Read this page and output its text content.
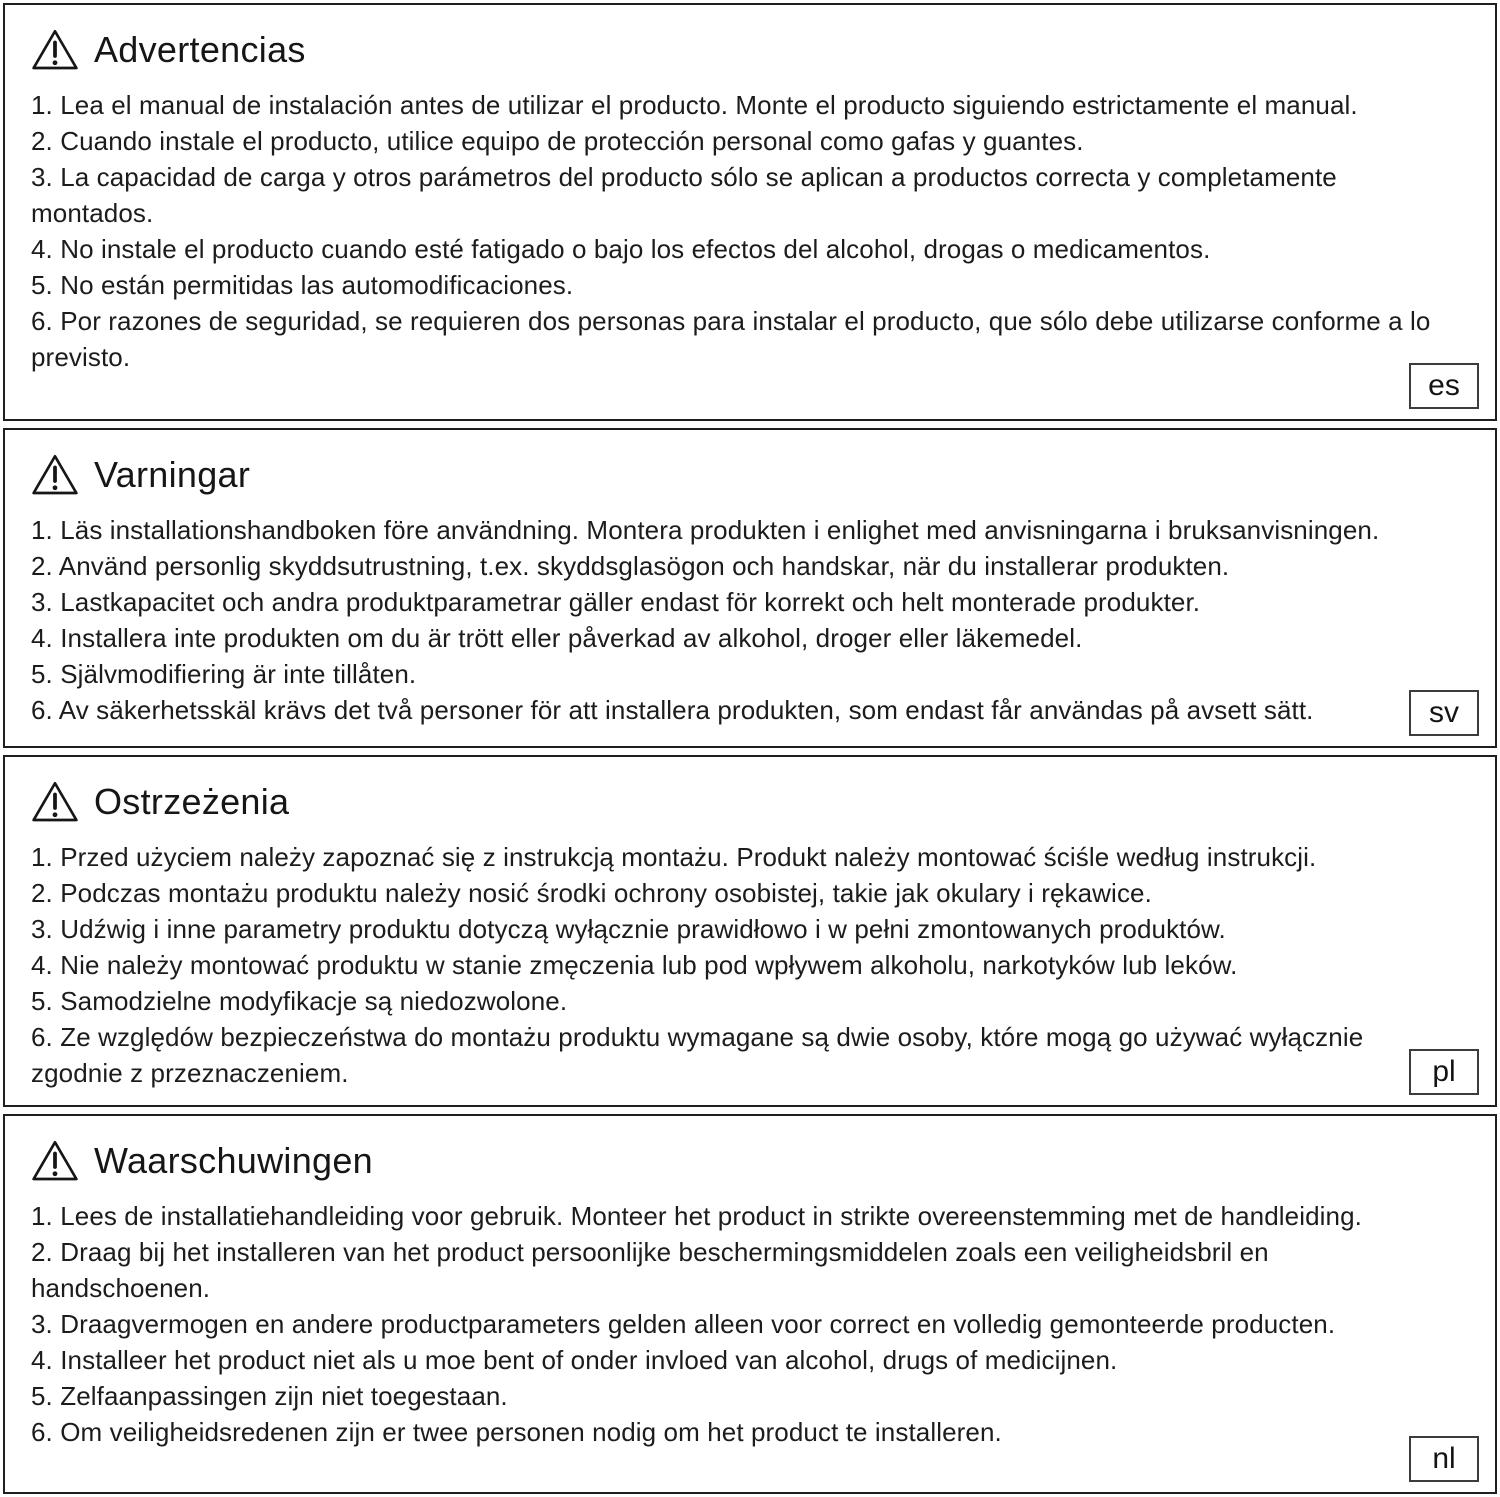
Advertencias

1. Lea el manual de instalación antes de utilizar el producto. Monte el producto siguiendo estrictamente el manual.

2. Cuando instale el producto, utilice equipo de protección personal como gafas y guantes.

3. La capacidad de carga y otros parámetros del producto sólo se aplican a productos correcta y completamente montados.

4. No instale el producto cuando esté fatigado o bajo los efectos del alcohol, drogas o medicamentos.

5. No están permitidas las automodificaciones.

6. Por razones de seguridad, se requieren dos personas para instalar el producto, que sólo debe utilizarse conforme a lo previsto.

es
Varningar

1. Läs installationshandboken före användning. Montera produkten i enlighet med anvisningarna i bruksanvisningen.

2. Använd personlig skyddsutrustning, t.ex. skyddsglasögon och handskar, när du installerar produkten.

3. Lastkapacitet och andra produktparametrar gäller endast för korrekt och helt monterade produkter.

4. Installera inte produkten om du är trött eller påverkad av alkohol, droger eller läkemedel.

5. Självmodifiering är inte tillåten.

6. Av säkerhetsskäl krävs det två personer för att installera produkten, som endast får användas på avsett sätt.	sv
Ostrzeżenia

1. Przed użyciem należy zapoznać się z instrukcją montażu. Produkt należy montować ściśle według instrukcji.

2. Podczas montażu produktu należy nosić środki ochrony osobistej, takie jak okulary i rękawice.

3. Udźwig i inne parametry produktu dotyczą wyłącznie prawidłowo i w pełni zmontowanych produktów.

4. Nie należy montować produktu w stanie zmęczenia lub pod wpływem alkoholu, narkotyków lub leków.

5. Samodzielne modyfikacje są niedozwolone.

6. Ze względów bezpieczeństwa do montażu produktu wymagane są dwie osoby, które mogą go używać wyłącznie zgodnie z przeznaczeniem.	pl
Waarschuwingen

1. Lees de installatiehandleiding voor gebruik. Monteer het product in strikte overeenstemming met de handleiding.

2. Draag bij het installeren van het product persoonlijke beschermingsmiddelen zoals een veiligheidsbril en handschoenen.

3. Draagvermogen en andere productparameters gelden alleen voor correct en volledig gemonteerde producten.

4. Installeer het product niet als u moe bent of onder invloed van alcohol, drugs of medicijnen.

5. Zelfaanpassingen zijn niet toegestaan.

6. Om veiligheidsredenen zijn er twee personen nodig om het product te installeren.

nl
